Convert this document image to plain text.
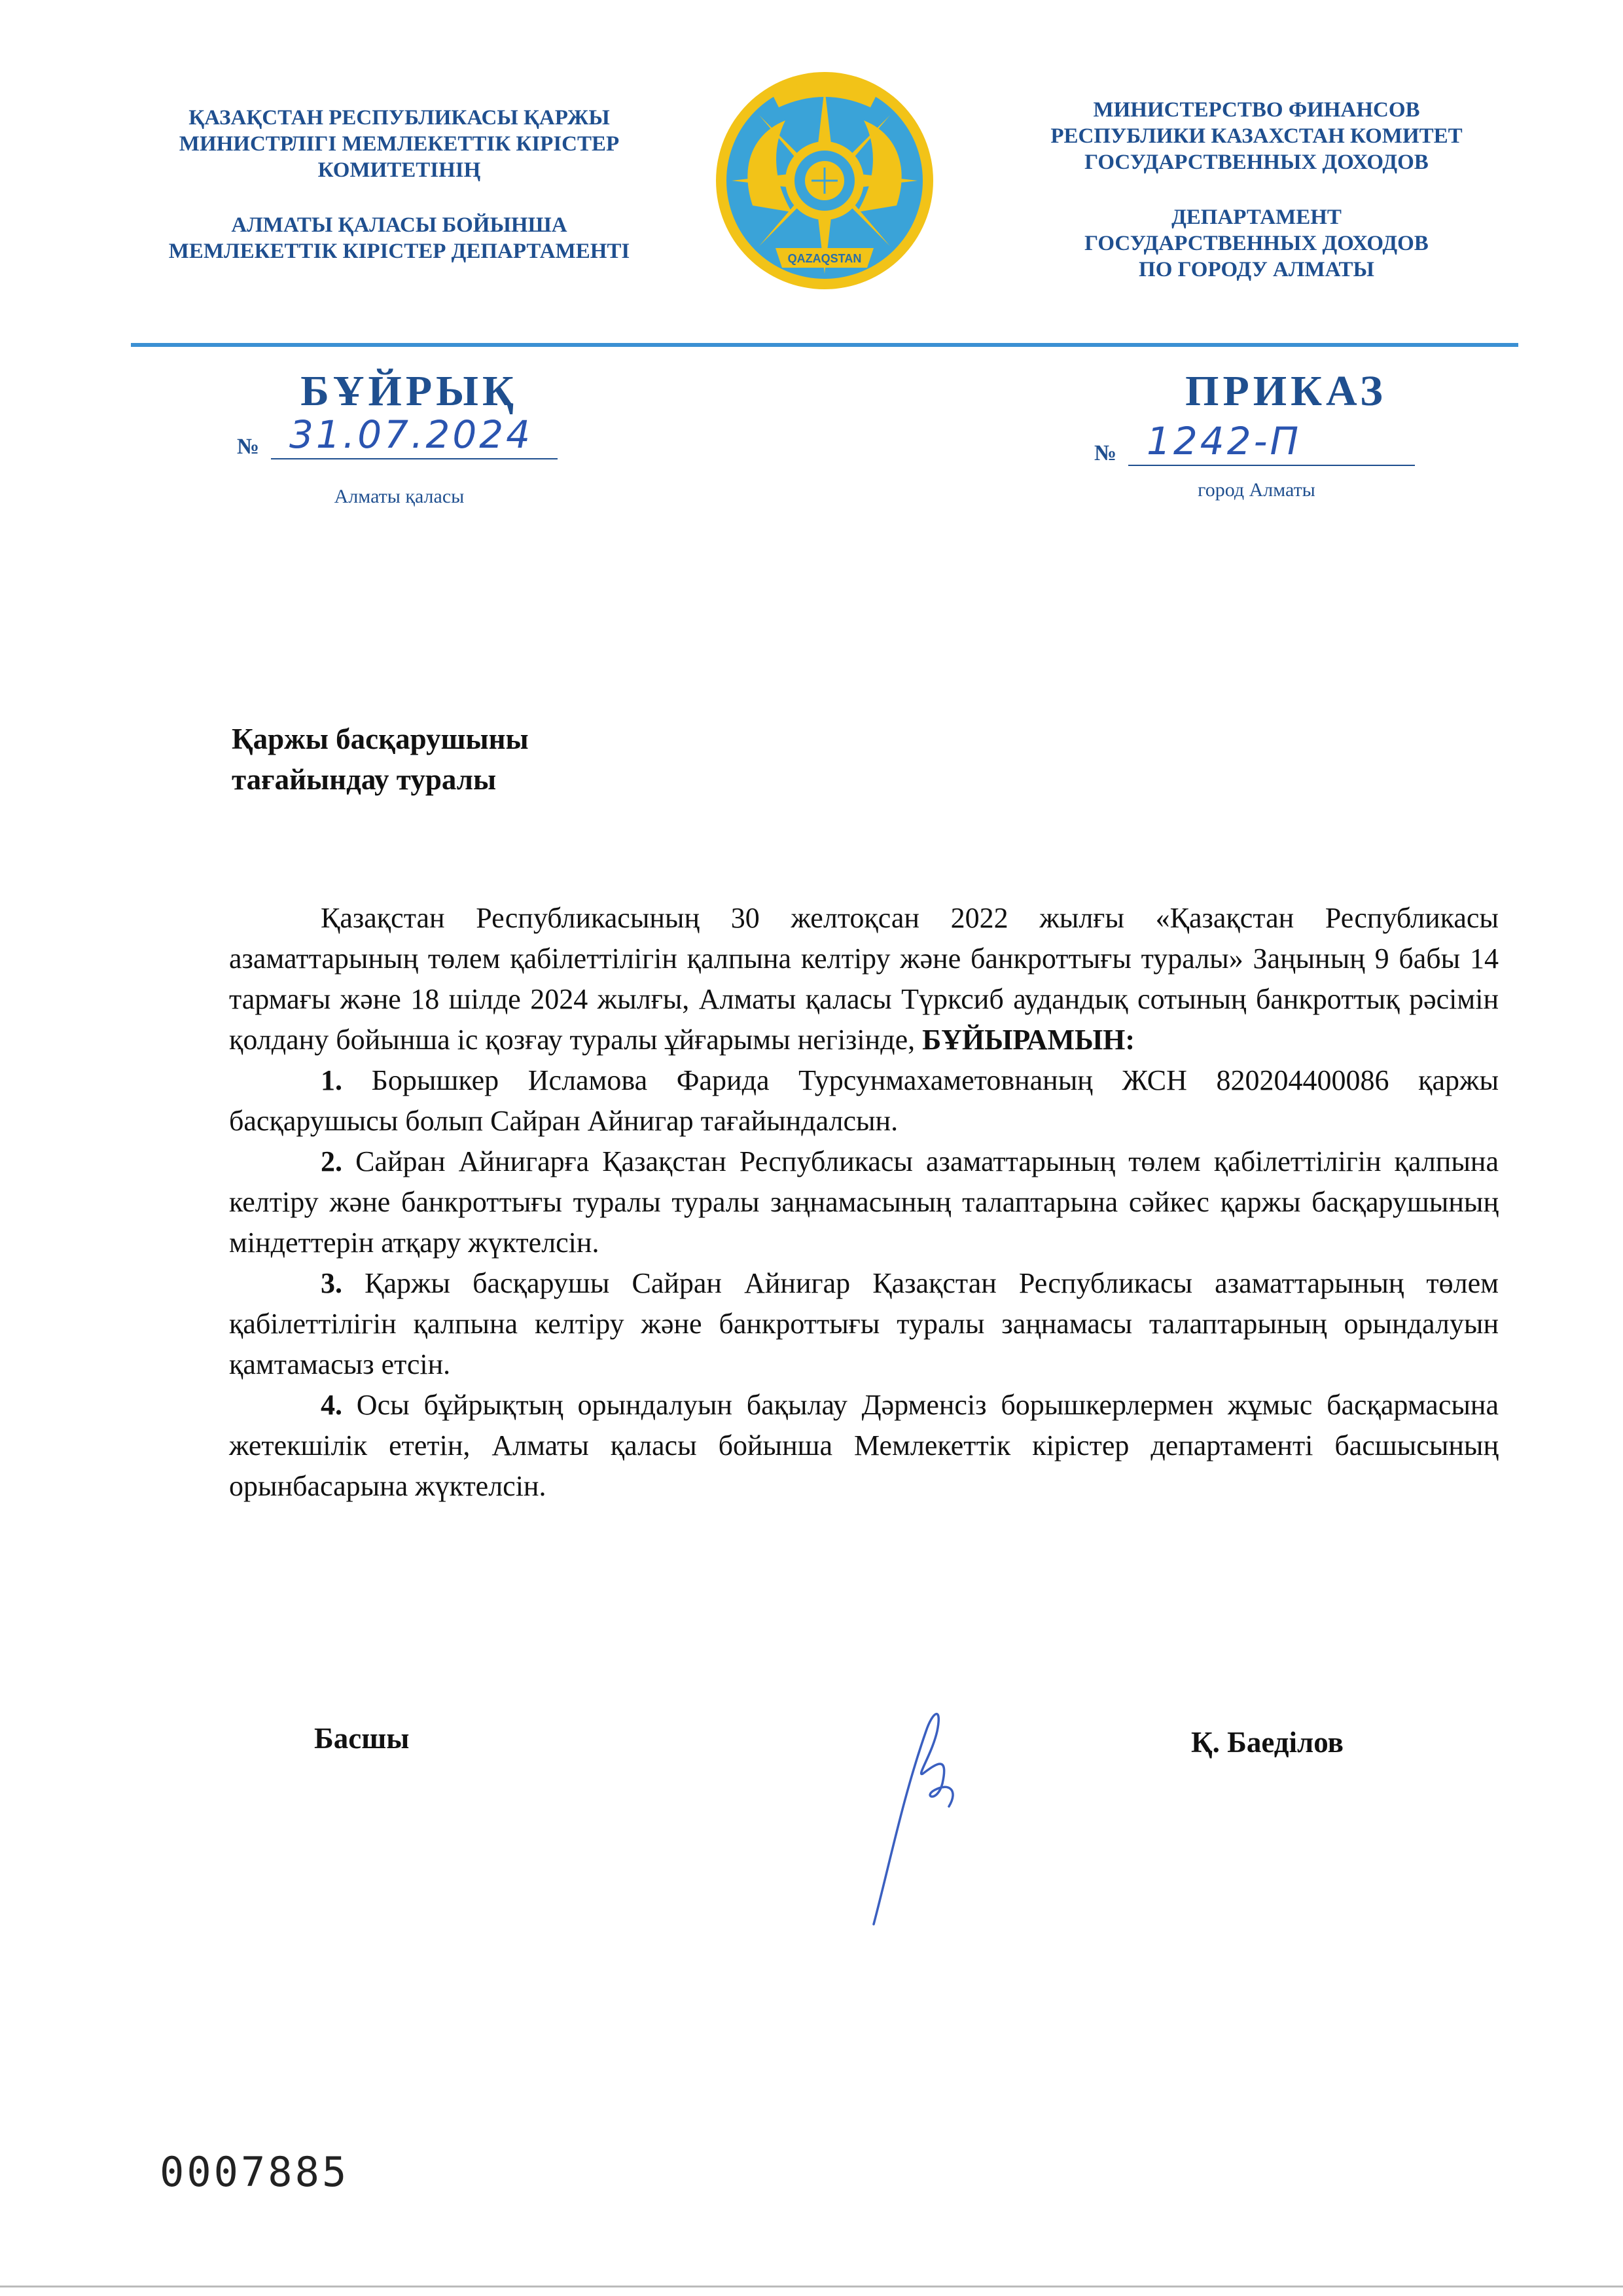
ҚАЗАҚСТАН РЕСПУБЛИКАСЫ ҚАРЖЫ

МИНИСТРЛІГІ МЕМЛЕКЕТТІК КІРІСТЕР

КОМИТЕТІНІҢ

АЛМАТЫ ҚАЛАСЫ БОЙЫНША

МЕМЛЕКЕТТІК КІРІСТЕР ДЕПАРТАМЕНТІ	QAZAQSTAN

МИНИСТЕРСТВО ФИНАНСОВ

РЕСПУБЛИКИ КАЗАХСТАН КОМИТЕТ

ГОСУДАРСТВЕННЫХ ДОХОДОВ

ДЕПАРТАМЕНТ

ГОСУДАРСТВЕННЫХ ДОХОДОВ

ПО ГОРОДУ АЛМАТЫ

БҰЙРЫҚ	ПРИКАЗ
№ 31.07.2024	№ 1242-П
Алматы қаласы	город Алматы

Қаржы басқарушыны

тағайындау туралы

Қазақстан Республикасының 30 желтоқсан 2022 жылғы «Қазақстан Республикасы азаматтарының төлем қабілеттілігін қалпына келтіру және банкроттығы туралы» Заңының 9 бабы 14 тармағы және 18 шілде 2024 жылғы, Алматы қаласы Түрксиб аудандық сотының банкроттық рәсімін қолдану бойынша іс қозғау туралы ұйғарымы негізінде, БҰЙЫРАМЫН:

1. Борышкер Исламова Фарида Турсунмахаметовнаның ЖСН 820204400086 қаржы басқарушысы болып Сайран Айнигар тағайындалсын.

2. Сайран Айнигарға Қазақстан Республикасы азаматтарының төлем қабілеттілігін қалпына келтіру және банкроттығы туралы туралы заңнамасының талаптарына сәйкес қаржы басқарушының міндеттерін атқару жүктелсін.

3. Қаржы басқарушы Сайран Айнигар Қазақстан Республикасы азаматтарының төлем қабілеттілігін қалпына келтіру және банкроттығы туралы заңнамасы талаптарының орындалуын қамтамасыз етсін.

4. Осы бұйрықтың орындалуын бақылау Дәрменсіз борышкерлермен жұмыс басқармасына жетекшілік ететін, Алматы қаласы бойынша Мемлекеттік кірістер департаменті басшысының орынбасарына жүктелсін.

Басшы	Қ. Баеділов
0007885
